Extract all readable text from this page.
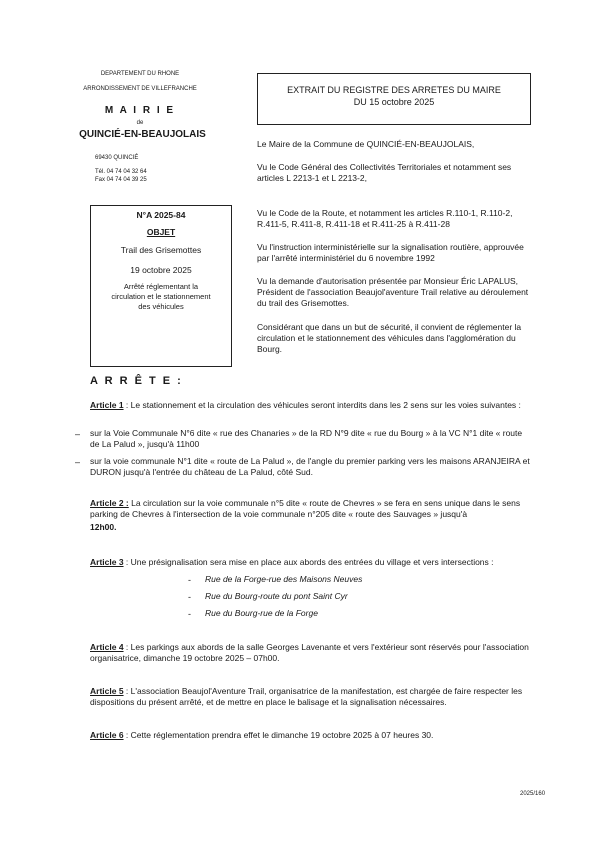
DEPARTEMENT DU RHONE
ARRONDISSEMENT DE VILLEFRANCHE
M A I R I E
de
QUINCIÉ-EN-BEAUJOLAIS
69430 QUINCIÉ
Tél. 04 74 04 32 64
Fax 04 74 04 39 25
EXTRAIT DU REGISTRE DES ARRETES DU MAIRE
DU 15 octobre 2025
N°A 2025-84
OBJET
Trail des Grisemottes
19 octobre 2025
Arrêté réglementant la
circulation et le stationnement
des véhicules
Le Maire de la Commune de QUINCIÉ-EN-BEAUJOLAIS,
Vu le Code Général des Collectivités Territoriales et notamment ses articles L 2213-1 et L 2213-2,
Vu le Code de la Route, et notamment les articles R.110-1, R.110-2, R.411-5, R.411-8, R.411-18 et R.411-25 à R.411-28
Vu l'instruction interministérielle sur la signalisation routière, approuvée par l'arrêté interministériel du 6 novembre 1992
Vu la demande d'autorisation présentée par Monsieur Éric LAPALUS, Président de l'association Beaujol'aventure Trail relative au déroulement du trail des Grisemottes.
Considérant que dans un but de sécurité, il convient de réglementer la circulation et le stationnement des véhicules dans l'agglomération du Bourg.
A R R Ê T E :
Article 1 : Le stationnement et la circulation des véhicules seront interdits dans les 2 sens sur les voies suivantes :
– sur la Voie Communale N°6 dite « rue des Chanaries » de la RD N°9 dite « rue du Bourg » à la VC N°1 dite « route de La Palud », jusqu'à 11h00
– sur la voie communale N°1 dite « route de La Palud », de l'angle du premier parking vers les maisons ARANJEIRA et DURON jusqu'à l'entrée du château de La Palud, côté Sud.
Article 2 : La circulation sur la voie communale n°5 dite « route de Chevres » se fera en sens unique dans le sens parking de Chevres à l'intersection de la voie communale n°205 dite « route des Sauvages » jusqu'à
12h00.
Article 3 : Une présignalisation sera mise en place aux abords des entrées du village et vers intersections :
- Rue de la Forge-rue des Maisons Neuves
- Rue du Bourg-route du pont Saint Cyr
- Rue du Bourg-rue de la Forge
Article 4 : Les parkings aux abords de la salle Georges Lavenante et vers l'extérieur sont réservés pour l'association organisatrice, dimanche 19 octobre 2025 – 07h00.
Article 5 : L'association Beaujol'Aventure Trail, organisatrice de la manifestation, est chargée de faire respecter les dispositions du présent arrêté, et de mettre en place le balisage et la signalisation nécessaires.
Article 6 : Cette réglementation prendra effet le dimanche 19 octobre 2025 à 07 heures 30.
2025/160
